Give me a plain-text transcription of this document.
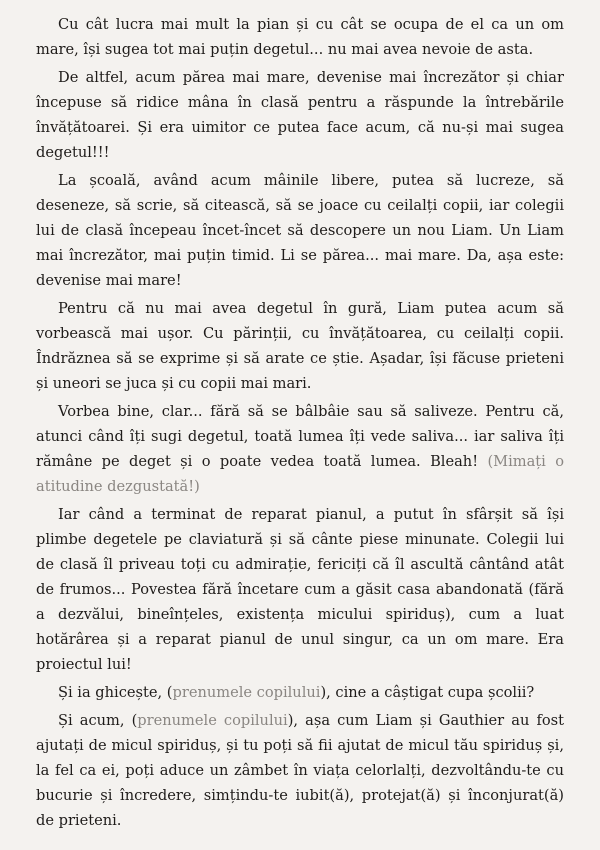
Cu cât lucra mai mult la pian și cu cât se ocupa de el ca un om mare, își sugea tot mai puțin degetul... nu mai avea nevoie de asta.

De altfel, acum părea mai mare, devenise mai încrezător și chiar începuse să ridice mâna în clasă pentru a răspunde la întrebările învățătoarei. Și era uimitor ce putea face acum, că nu-și mai sugea degetul!!!

La școală, având acum mâinile libere, putea să lucreze, să deseneze, să scrie, să citească, să se joace cu ceilalți copii, iar colegii lui de clasă începeau încet-încet să descopere un nou Liam. Un Liam mai încrezător, mai puțin timid. Li se părea... mai mare. Da, așa este: devenise mai mare!

Pentru că nu mai avea degetul în gură, Liam putea acum să vorbească mai ușor. Cu părinții, cu învățătoarea, cu ceilalți copii. Îndrăznea să se exprime și să arate ce știe. Așadar, își făcuse prieteni și uneori se juca și cu copii mai mari.

Vorbea bine, clar... fără să se bâlbâie sau să saliveze. Pentru că, atunci când îți sugi degetul, toată lumea îți vede saliva... iar saliva îți rămâne pe deget și o poate vedea toată lumea. Bleah! (Mimați o atitudine dezgustată!)

Iar când a terminat de reparat pianul, a putut în sfârșit să își plimbe degetele pe claviatură și să cânte piese minunate. Colegii lui de clasă îl priveau toți cu admirație, fericiți că îl ascultă cântând atât de frumos... Povestea fără încetare cum a găsit casa abandonată (fără a dezvălui, bineînțeles, existența micului spiriduș), cum a luat hotărârea și a reparat pianul de unul singur, ca un om mare. Era proiectul lui!

Și ia ghicește, (prenumele copilului), cine a câștigat cupa școlii?

Și acum, (prenumele copilului), așa cum Liam și Gauthier au fost ajutați de micul spiriduș, și tu poți să fii ajutat de micul tău spiriduș și, la fel ca ei, poți aduce un zâmbet în viața celorlalți, dezvoltându-te cu bucurie și încredere, simțindu-te iubit(ă), protejat(ă) și înconjurat(ă) de prieteni.
